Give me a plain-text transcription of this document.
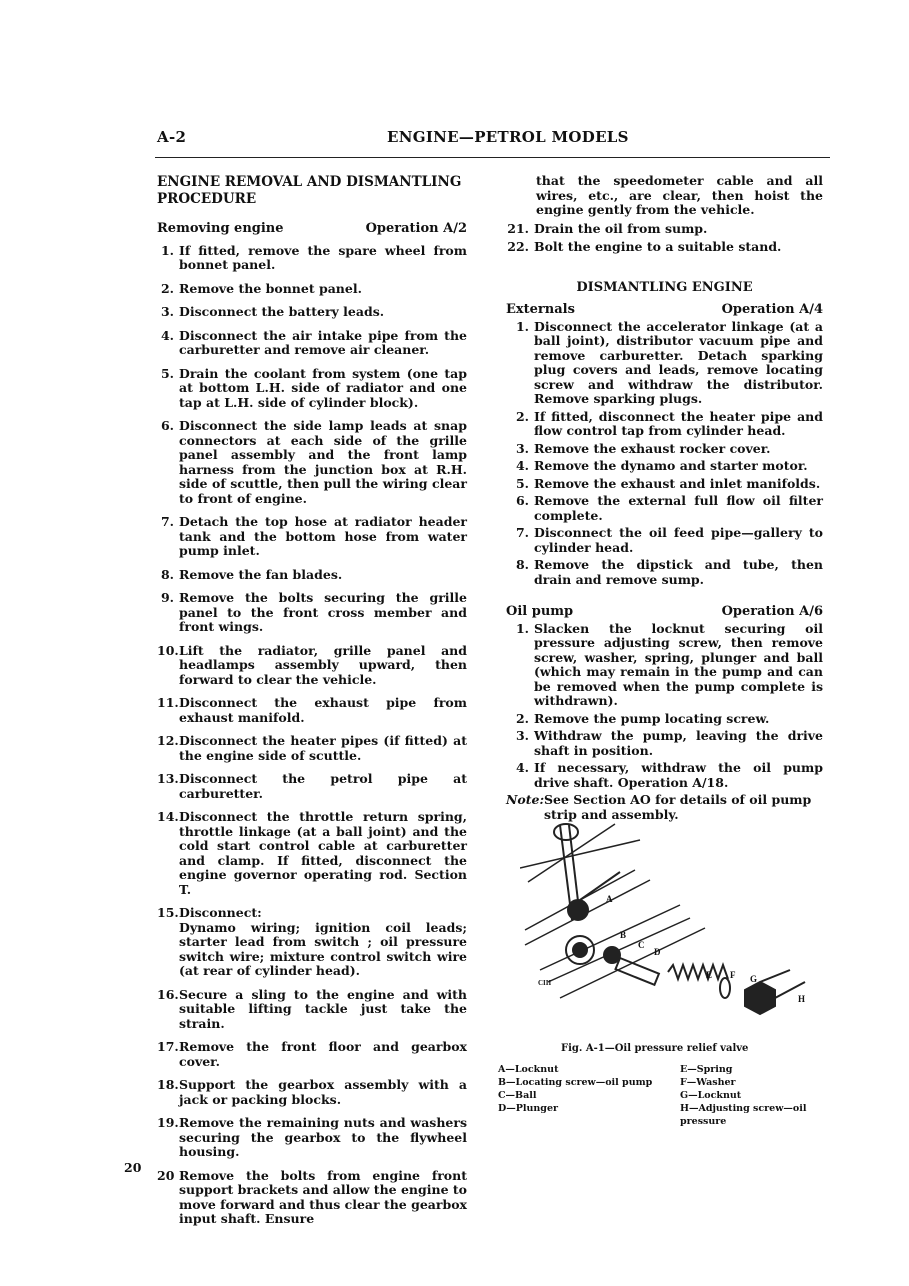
A-2	ENGINE—PETROL MODELS
ENGINE REMOVAL AND DISMANTLING
PROCEDURE
Removing engine	Operation A/2
1. If fitted, remove the spare wheel from bonnet panel.
2. Remove the bonnet panel.
3. Disconnect the battery leads.
4. Disconnect the air intake pipe from the carburetter and remove air cleaner.
5. Drain the coolant from system (one tap at bottom L.H. side of radiator and one tap at L.H. side of cylinder block).
6. Disconnect the side lamp leads at snap connectors at each side of the grille panel assembly and the front lamp harness from the junction box at R.H. side of scuttle, then pull the wiring clear to front of engine.
7. Detach the top hose at radiator header tank and the bottom hose from water pump inlet.
8. Remove the fan blades.
9. Remove the bolts securing the grille panel to the front cross member and front wings.
10. Lift the radiator, grille panel and headlamps assembly upward, then forward to clear the vehicle.
11. Disconnect the exhaust pipe from exhaust manifold.
12. Disconnect the heater pipes (if fitted) at the engine side of scuttle.
13. Disconnect the petrol pipe at carburetter.
14. Disconnect the throttle return spring, throttle linkage (at a ball joint) and the cold start control cable at carburetter and clamp. If fitted, disconnect the engine governor operating rod. Section T.
15. Disconnect:
Dynamo wiring; ignition coil leads; starter lead from switch ; oil pressure switch wire; mixture control switch wire (at rear of cylinder head).
16. Secure a sling to the engine and with suitable lifting tackle just take the strain.
17. Remove the front floor and gearbox cover.
18. Support the gearbox assembly with a jack or packing blocks.
19. Remove the remaining nuts and washers securing the gearbox to the flywheel housing.
20 Remove the bolts from engine front support brackets and allow the engine to move forward and thus clear the gearbox input shaft. Ensure
that the speedometer cable and all wires, etc., are clear, then hoist the engine gently from the vehicle.
21. Drain the oil from sump.
22. Bolt the engine to a suitable stand.
DISMANTLING ENGINE
Externals	Operation A/4
1. Disconnect the accelerator linkage (at a ball joint), distributor vacuum pipe and remove carburetter. Detach sparking plug covers and leads, remove locating screw and withdraw the distributor. Remove sparking plugs.
2. If fitted, disconnect the heater pipe and flow control tap from cylinder head.
3. Remove the exhaust rocker cover.
4. Remove the dynamo and starter motor.
5. Remove the exhaust and inlet manifolds.
6. Remove the external full flow oil filter complete.
7. Disconnect the oil feed pipe—gallery to cylinder head.
8. Remove the dipstick and tube, then drain and remove sump.
Oil pump	Operation A/6
1. Slacken the locknut securing oil pressure adjusting screw, then remove screw, washer, spring, plunger and ball (which may remain in the pump and can be removed when the pump complete is withdrawn).
2. Remove the pump locating screw.
3. Withdraw the pump, leaving the drive shaft in position.
4. If necessary, withdraw the oil pump drive shaft. Operation A/18.
Note: See Section AO for details of oil pump strip and assembly.
A
B
C
D
E F G
H
CIII
Fig. A-1—Oil pressure relief valve
A—Locknut
B—Locating screw—oil pump
C—Ball
D—Plunger
E—Spring
F—Washer
G—Locknut
H—Adjusting screw—oil pressure
20
